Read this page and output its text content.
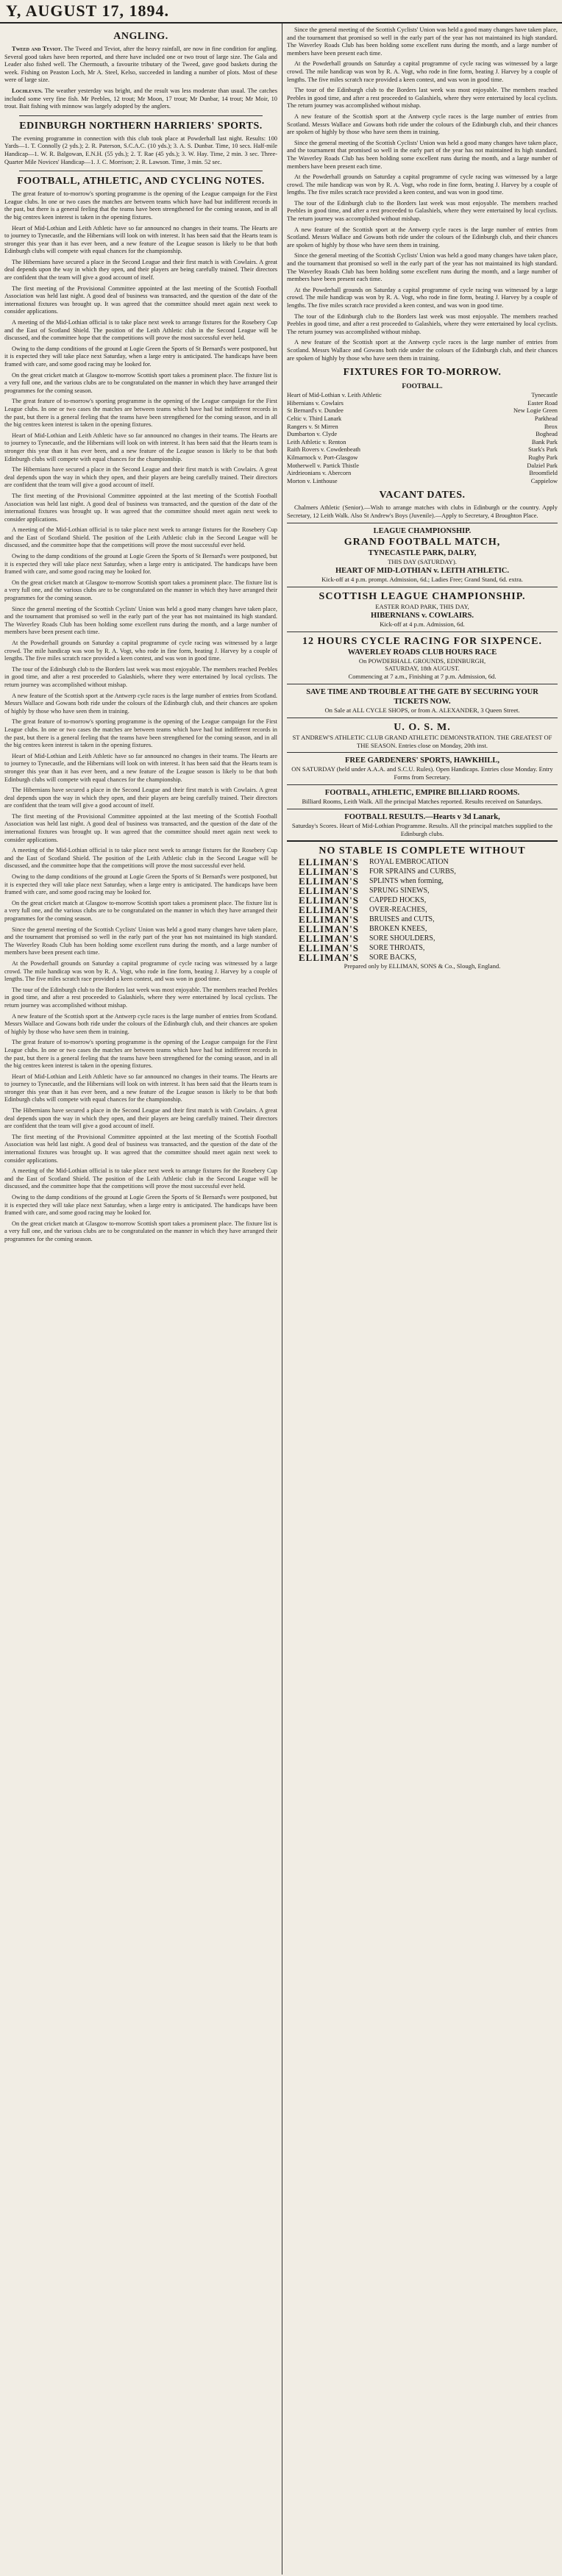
Y, AUGUST 17, 1894.
ANGLING.

Tweed and Teviot. The Tweed and Teviot, after the heavy rainfall, are now in fine condition for angling. Several good takes have been reported, and there have included one or two trout of large size. The Gala and Leader also fished well. The Chermouth, a favourite tributary of the Tweed, gave good baskets during the week. Fishing on Peaston Loch, Mr A. Steel, Kelso, succeeded in landing a number of plots. Most of these were of large size.

Lochleven. The weather yesterday was bright, and the result was less moderate than usual. The catches included some very fine fish. Mr Peebles, 12 trout; Mr Moon, 17 trout; Mr Dunbar, 14 trout; Mr Moir, 10 trout. Bait fishing with minnow was largely adopted by the anglers.

EDINBURGH NORTHERN HARRIERS' SPORTS.

The evening programme in connection with this club took place at Powderhall last night. Results: 100 Yards—1. T. Connolly (2 yds.); 2. R. Paterson, S.C.A.C. (10 yds.); 3. A. S. Dunbar. Time, 10 secs. Half-mile Handicap—1. W. R. Balgowan, E.N.H. (55 yds.); 2. T. Rae (45 yds.); 3. W. Hay. Time, 2 min. 3 sec. Three-Quarter Mile Novices' Handicap—1. J. C. Morrison; 2. R. Lawson. Time, 3 min. 52 sec.

FOOTBALL, ATHLETIC, AND CYCLING NOTES.

The great feature of to-morrow's sporting programme is the opening of the League campaign for the First League clubs. In one or two cases the matches are between teams which have had but indifferent records in the past, but there is a general feeling that the teams have been strengthened for the coming season, and in all the big centres keen interest is taken in the opening fixtures.

Heart of Mid-Lothian and Leith Athletic have so far announced no changes in their teams. The Hearts are to journey to Tynecastle, and the Hibernians will look on with interest. It has been said that the Hearts team is stronger this year than it has ever been, and a new feature of the League season is likely to be that both Edinburgh clubs will compete with equal chances for the championship.

The Hibernians have secured a place in the Second League and their first match is with Cowlairs. A great deal depends upon the way in which they open, and their players are being carefully trained. Their directors are confident that the team will give a good account of itself.

The first meeting of the Provisional Committee appointed at the last meeting of the Scottish Football Association was held last night. A good deal of business was transacted, and the question of the date of the international fixtures was brought up. It was agreed that the committee should meet again next week to consider applications.

A meeting of the Mid-Lothian official is to take place next week to arrange fixtures for the Rosebery Cup and the East of Scotland Shield. The position of the Leith Athletic club in the Second League will be discussed, and the committee hope that the competitions will prove the most successful ever held.

Owing to the damp conditions of the ground at Logie Green the Sports of St Bernard's were postponed, but it is expected they will take place next Saturday, when a large entry is anticipated. The handicaps have been framed with care, and some good racing may be looked for.

On the great cricket match at Glasgow to-morrow Scottish sport takes a prominent place. The fixture list is a very full one, and the various clubs are to be congratulated on the manner in which they have arranged their programmes for the coming season.

The great feature of to-morrow's sporting programme is the opening of the League campaign for the First League clubs. In one or two cases the matches are between teams which have had but indifferent records in the past, but there is a general feeling that the teams have been strengthened for the coming season, and in all the big centres keen interest is taken in the opening fixtures.

Heart of Mid-Lothian and Leith Athletic have so far announced no changes in their teams. The Hearts are to journey to Tynecastle, and the Hibernians will look on with interest. It has been said that the Hearts team is stronger this year than it has ever been, and a new feature of the League season is likely to be that both Edinburgh clubs will compete with equal chances for the championship.

The Hibernians have secured a place in the Second League and their first match is with Cowlairs. A great deal depends upon the way in which they open, and their players are being carefully trained. Their directors are confident that the team will give a good account of itself.

The first meeting of the Provisional Committee appointed at the last meeting of the Scottish Football Association was held last night. A good deal of business was transacted, and the question of the date of the international fixtures was brought up. It was agreed that the committee should meet again next week to consider applications.

A meeting of the Mid-Lothian official is to take place next week to arrange fixtures for the Rosebery Cup and the East of Scotland Shield. The position of the Leith Athletic club in the Second League will be discussed, and the committee hope that the competitions will prove the most successful ever held.

Owing to the damp conditions of the ground at Logie Green the Sports of St Bernard's were postponed, but it is expected they will take place next Saturday, when a large entry is anticipated. The handicaps have been framed with care, and some good racing may be looked for.

On the great cricket match at Glasgow to-morrow Scottish sport takes a prominent place. The fixture list is a very full one, and the various clubs are to be congratulated on the manner in which they have arranged their programmes for the coming season.

Since the general meeting of the Scottish Cyclists' Union was held a good many changes have taken place, and the tournament that promised so well in the early part of the year has not maintained its high standard. The Waverley Roads Club has been holding some excellent runs during the month, and a large number of members have been present each time.

At the Powderhall grounds on Saturday a capital programme of cycle racing was witnessed by a large crowd. The mile handicap was won by R. A. Vogt, who rode in fine form, beating J. Harvey by a couple of lengths. The five miles scratch race provided a keen contest, and was won in good time.

The tour of the Edinburgh club to the Borders last week was most enjoyable. The members reached Peebles in good time, and after a rest proceeded to Galashiels, where they were entertained by local cyclists. The return journey was accomplished without mishap.

A new feature of the Scottish sport at the Antwerp cycle races is the large number of entries from Scotland. Messrs Wallace and Gowans both ride under the colours of the Edinburgh club, and their chances are spoken of highly by those who have seen them in training.

The great feature of to-morrow's sporting programme is the opening of the League campaign for the First League clubs. In one or two cases the matches are between teams which have had but indifferent records in the past, but there is a general feeling that the teams have been strengthened for the coming season, and in all the big centres keen interest is taken in the opening fixtures.

Heart of Mid-Lothian and Leith Athletic have so far announced no changes in their teams. The Hearts are to journey to Tynecastle, and the Hibernians will look on with interest. It has been said that the Hearts team is stronger this year than it has ever been, and a new feature of the League season is likely to be that both Edinburgh clubs will compete with equal chances for the championship.

The Hibernians have secured a place in the Second League and their first match is with Cowlairs. A great deal depends upon the way in which they open, and their players are being carefully trained. Their directors are confident that the team will give a good account of itself.

The first meeting of the Provisional Committee appointed at the last meeting of the Scottish Football Association was held last night. A good deal of business was transacted, and the question of the date of the international fixtures was brought up. It was agreed that the committee should meet again next week to consider applications.

A meeting of the Mid-Lothian official is to take place next week to arrange fixtures for the Rosebery Cup and the East of Scotland Shield. The position of the Leith Athletic club in the Second League will be discussed, and the committee hope that the competitions will prove the most successful ever held.

Owing to the damp conditions of the ground at Logie Green the Sports of St Bernard's were postponed, but it is expected they will take place next Saturday, when a large entry is anticipated. The handicaps have been framed with care, and some good racing may be looked for.

On the great cricket match at Glasgow to-morrow Scottish sport takes a prominent place. The fixture list is a very full one, and the various clubs are to be congratulated on the manner in which they have arranged their programmes for the coming season.

Since the general meeting of the Scottish Cyclists' Union was held a good many changes have taken place, and the tournament that promised so well in the early part of the year has not maintained its high standard. The Waverley Roads Club has been holding some excellent runs during the month, and a large number of members have been present each time.

At the Powderhall grounds on Saturday a capital programme of cycle racing was witnessed by a large crowd. The mile handicap was won by R. A. Vogt, who rode in fine form, beating J. Harvey by a couple of lengths. The five miles scratch race provided a keen contest, and was won in good time.

The tour of the Edinburgh club to the Borders last week was most enjoyable. The members reached Peebles in good time, and after a rest proceeded to Galashiels, where they were entertained by local cyclists. The return journey was accomplished without mishap.

A new feature of the Scottish sport at the Antwerp cycle races is the large number of entries from Scotland. Messrs Wallace and Gowans both ride under the colours of the Edinburgh club, and their chances are spoken of highly by those who have seen them in training.

The great feature of to-morrow's sporting programme is the opening of the League campaign for the First League clubs. In one or two cases the matches are between teams which have had but indifferent records in the past, but there is a general feeling that the teams have been strengthened for the coming season, and in all the big centres keen interest is taken in the opening fixtures.

Heart of Mid-Lothian and Leith Athletic have so far announced no changes in their teams. The Hearts are to journey to Tynecastle, and the Hibernians will look on with interest. It has been said that the Hearts team is stronger this year than it has ever been, and a new feature of the League season is likely to be that both Edinburgh clubs will compete with equal chances for the championship.

The Hibernians have secured a place in the Second League and their first match is with Cowlairs. A great deal depends upon the way in which they open, and their players are being carefully trained. Their directors are confident that the team will give a good account of itself.

The first meeting of the Provisional Committee appointed at the last meeting of the Scottish Football Association was held last night. A good deal of business was transacted, and the question of the date of the international fixtures was brought up. It was agreed that the committee should meet again next week to consider applications.

A meeting of the Mid-Lothian official is to take place next week to arrange fixtures for the Rosebery Cup and the East of Scotland Shield. The position of the Leith Athletic club in the Second League will be discussed, and the committee hope that the competitions will prove the most successful ever held.

Owing to the damp conditions of the ground at Logie Green the Sports of St Bernard's were postponed, but it is expected they will take place next Saturday, when a large entry is anticipated. The handicaps have been framed with care, and some good racing may be looked for.

On the great cricket match at Glasgow to-morrow Scottish sport takes a prominent place. The fixture list is a very full one, and the various clubs are to be congratulated on the manner in which they have arranged their programmes for the coming season.

Since the general meeting of the Scottish Cyclists' Union was held a good many changes have taken place, and the tournament that promised so well in the early part of the year has not maintained its high standard. The Waverley Roads Club has been holding some excellent runs during the month, and a large number of members have been present each time.

At the Powderhall grounds on Saturday a capital programme of cycle racing was witnessed by a large crowd. The mile handicap was won by R. A. Vogt, who rode in fine form, beating J. Harvey by a couple of lengths. The five miles scratch race provided a keen contest, and was won in good time.

The tour of the Edinburgh club to the Borders last week was most enjoyable. The members reached Peebles in good time, and after a rest proceeded to Galashiels, where they were entertained by local cyclists. The return journey was accomplished without mishap.

A new feature of the Scottish sport at the Antwerp cycle races is the large number of entries from Scotland. Messrs Wallace and Gowans both ride under the colours of the Edinburgh club, and their chances are spoken of highly by those who have seen them in training.

Since the general meeting of the Scottish Cyclists' Union was held a good many changes have taken place, and the tournament that promised so well in the early part of the year has not maintained its high standard. The Waverley Roads Club has been holding some excellent runs during the month, and a large number of members have been present each time.

At the Powderhall grounds on Saturday a capital programme of cycle racing was witnessed by a large crowd. The mile handicap was won by R. A. Vogt, who rode in fine form, beating J. Harvey by a couple of lengths. The five miles scratch race provided a keen contest, and was won in good time.

The tour of the Edinburgh club to the Borders last week was most enjoyable. The members reached Peebles in good time, and after a rest proceeded to Galashiels, where they were entertained by local cyclists. The return journey was accomplished without mishap.

A new feature of the Scottish sport at the Antwerp cycle races is the large number of entries from Scotland. Messrs Wallace and Gowans both ride under the colours of the Edinburgh club, and their chances are spoken of highly by those who have seen them in training.

Since the general meeting of the Scottish Cyclists' Union was held a good many changes have taken place, and the tournament that promised so well in the early part of the year has not maintained its high standard. The Waverley Roads Club has been holding some excellent runs during the month, and a large number of members have been present each time.

At the Powderhall grounds on Saturday a capital programme of cycle racing was witnessed by a large crowd. The mile handicap was won by R. A. Vogt, who rode in fine form, beating J. Harvey by a couple of lengths. The five miles scratch race provided a keen contest, and was won in good time.

The tour of the Edinburgh club to the Borders last week was most enjoyable. The members reached Peebles in good time, and after a rest proceeded to Galashiels, where they were entertained by local cyclists. The return journey was accomplished without mishap.

A new feature of the Scottish sport at the Antwerp cycle races is the large number of entries from Scotland. Messrs Wallace and Gowans both ride under the colours of the Edinburgh club, and their chances are spoken of highly by those who have seen them in training.

FIXTURES FOR TO-MORROW.
FOOTBALL.
Heart of Mid-Lothian v. Leith Athletic	Tynecastle
Hibernians v. Cowlairs	Easter Road
St Bernard's v. Dundee	New Logie Green
Celtic v. Third Lanark	Parkhead
Rangers v. St Mirren	Ibrox
Dumbarton v. Clyde	Boghead
Leith Athletic v. Renton	Bank Park
Raith Rovers v. Cowdenbeath	Stark's Park
Kilmarnock v. Port-Glasgow	Rugby Park
Motherwell v. Partick Thistle	Dalziel Park
Airdrieonians v. Abercorn	Broomfield
Morton v. Linthouse	Cappielow
VACANT DATES.

Chalmers Athletic (Senior).—Wish to arrange matches with clubs in Edinburgh or the country. Apply Secretary, 12 Leith Walk. Also St Andrew's Boys (Juvenile).—Apply to Secretary, 4 Broughton Place.

LEAGUE CHAMPIONSHIP.
GRAND FOOTBALL MATCH,
TYNECASTLE PARK, DALRY,
THIS DAY (SATURDAY).
HEART OF MID-LOTHIAN v. LEITH ATHLETIC.
Kick-off at 4 p.m. prompt. Admission, 6d.; Ladies Free; Grand Stand, 6d. extra.
SCOTTISH LEAGUE CHAMPIONSHIP.
EASTER ROAD PARK, THIS DAY,
HIBERNIANS v. COWLAIRS.
Kick-off at 4 p.m. Admission, 6d.
12 HOURS CYCLE RACING FOR SIXPENCE.
WAVERLEY ROADS CLUB HOURS RACE
On POWDERHALL GROUNDS, EDINBURGH,
SATURDAY, 18th AUGUST.
Commencing at 7 a.m., Finishing at 7 p.m. Admission, 6d.
SAVE TIME AND TROUBLE AT THE GATE BY SECURING YOUR TICKETS NOW.
On Sale at ALL CYCLE SHOPS, or from A. ALEXANDER, 3 Queen Street.
U. O. S. M.
ST ANDREW'S ATHLETIC CLUB GRAND ATHLETIC DEMONSTRATION. THE GREATEST OF THE SEASON. Entries close on Monday, 20th inst.
FREE GARDENERS' SPORTS, HAWKHILL,
ON SATURDAY (held under A.A.A. and S.C.U. Rules). Open Handicaps. Entries close Monday. Entry Forms from Secretary.
FOOTBALL, ATHLETIC, EMPIRE BILLIARD ROOMS.
Billiard Rooms, Leith Walk. All the principal Matches reported. Results received on Saturdays.
FOOTBALL RESULTS.—Hearts v 3d Lanark,
Saturday's Scores. Heart of Mid-Lothian Programme. Results. All the principal matches supplied to the Edinburgh clubs.
NO STABLE IS COMPLETE WITHOUT
ELLIMAN'S	ROYAL EMBROCATION
ELLIMAN'S	FOR SPRAINS and CURBS,
ELLIMAN'S	SPLINTS when forming,
ELLIMAN'S	SPRUNG SINEWS,
ELLIMAN'S	CAPPED HOCKS,
ELLIMAN'S	OVER-REACHES,
ELLIMAN'S	BRUISES and CUTS,
ELLIMAN'S	BROKEN KNEES,
ELLIMAN'S	SORE SHOULDERS,
ELLIMAN'S	SORE THROATS,
ELLIMAN'S	SORE BACKS,
Prepared only by ELLIMAN, SONS & Co., Slough, England.
